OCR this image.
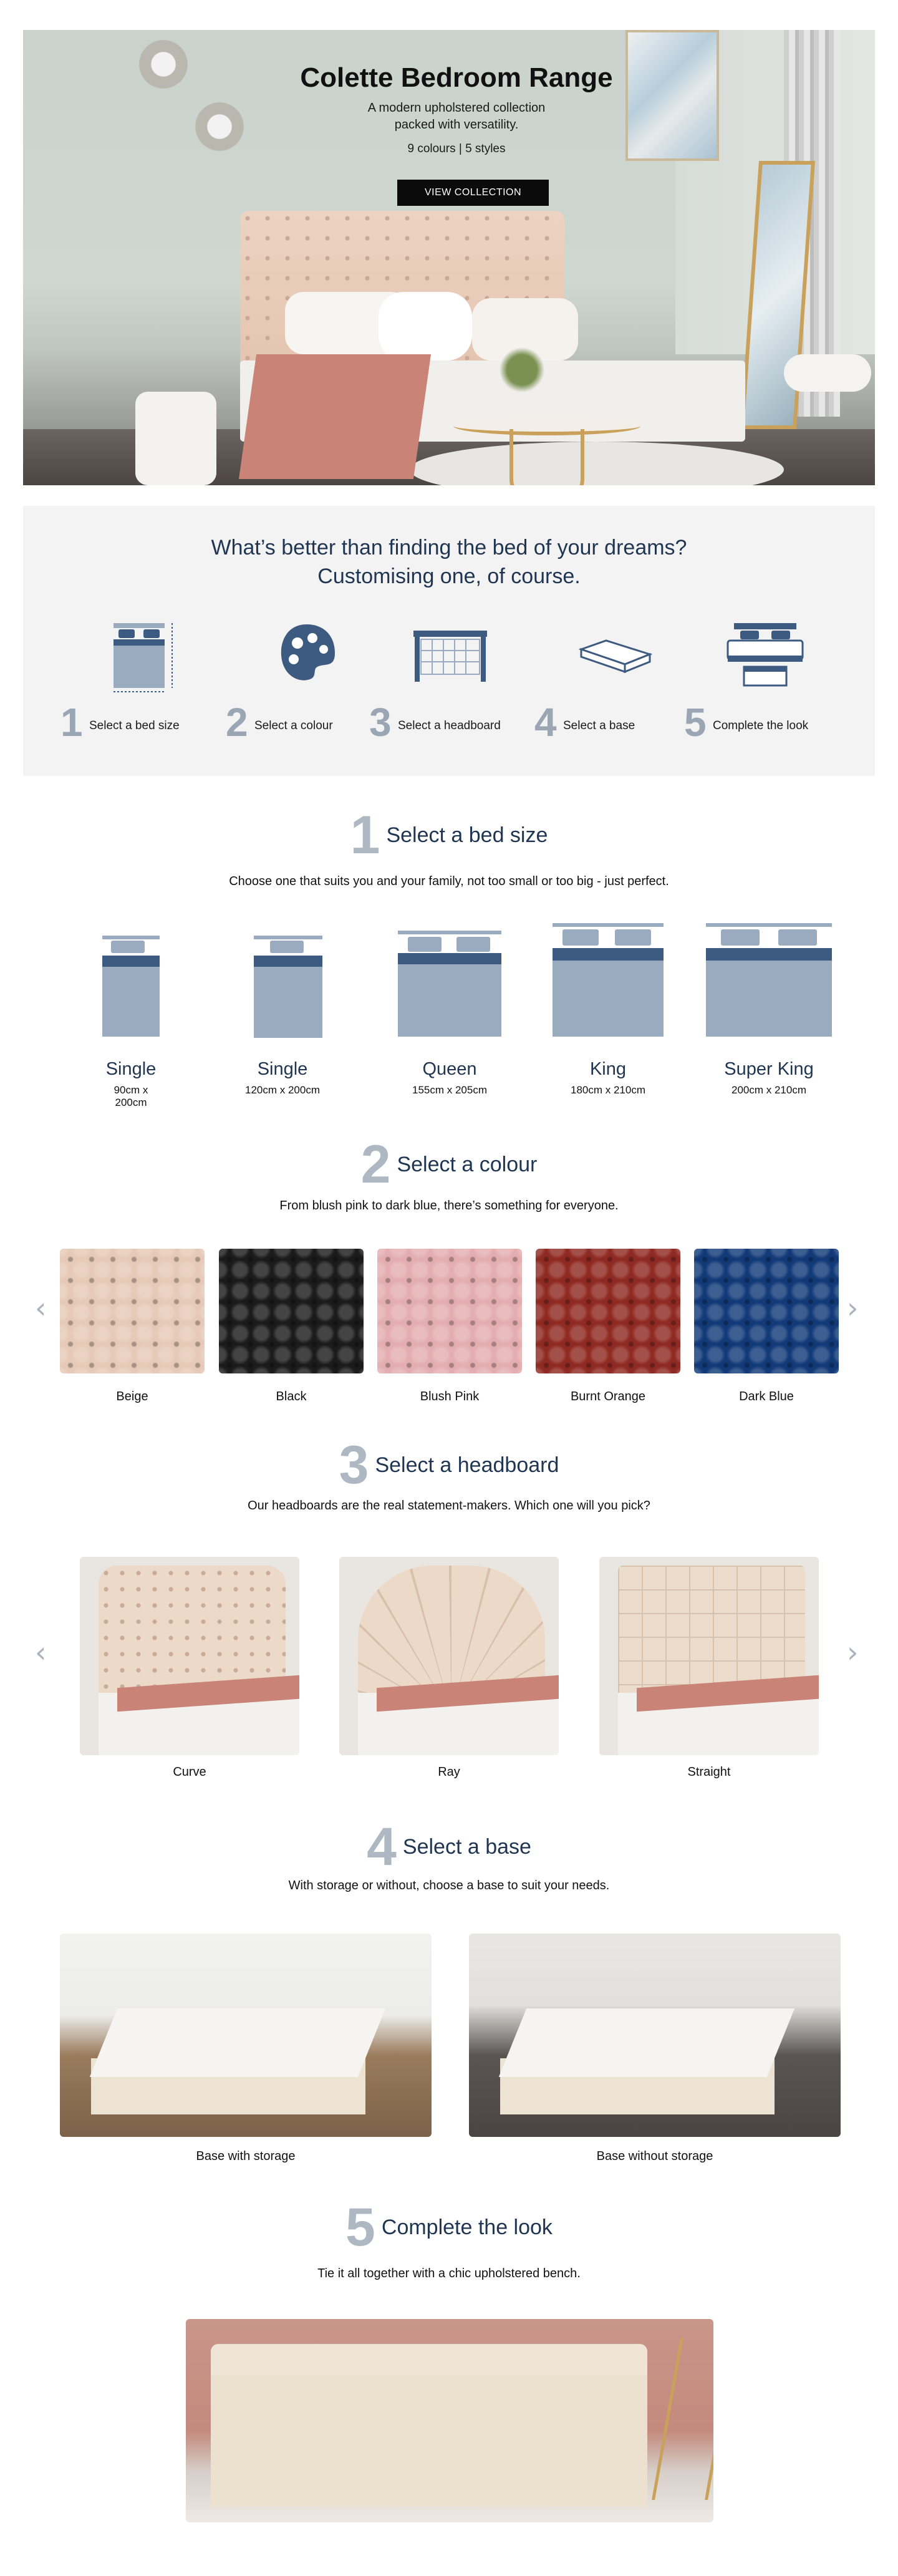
Colette Bedroom Range

A modern upholstered collection
packed with versatility.

9 colours | 5 styles

VIEW COLLECTION
What’s better than finding the bed of your dreams?
Customising one, of course.
1 Select a bed size 2 Select a colour 3 Select a headboard 4 Select a base 5 Complete the look
1 Select a bed size

Choose one that suits you and your family, not too small or too big - just perfect.

Single
90cm x 200cm
Single
120cm x 200cm
Queen
155cm x 205cm
King
180cm x 210cm
Super King
200cm x 210cm
2 Select a colour

From blush pink to dark blue, there’s something for everyone.

‹	›
Beige	Black	Blush Pink	Burnt Orange	Dark Blue
3 Select a headboard

Our headboards are the real statement-makers. Which one will you pick?

‹	›
Curve	Ray	Straight
4 Select a base

With storage or without, choose a base to suit your needs.

Base with storage	Base without storage
5 Complete the look

Tie it all together with a chic upholstered bench.
